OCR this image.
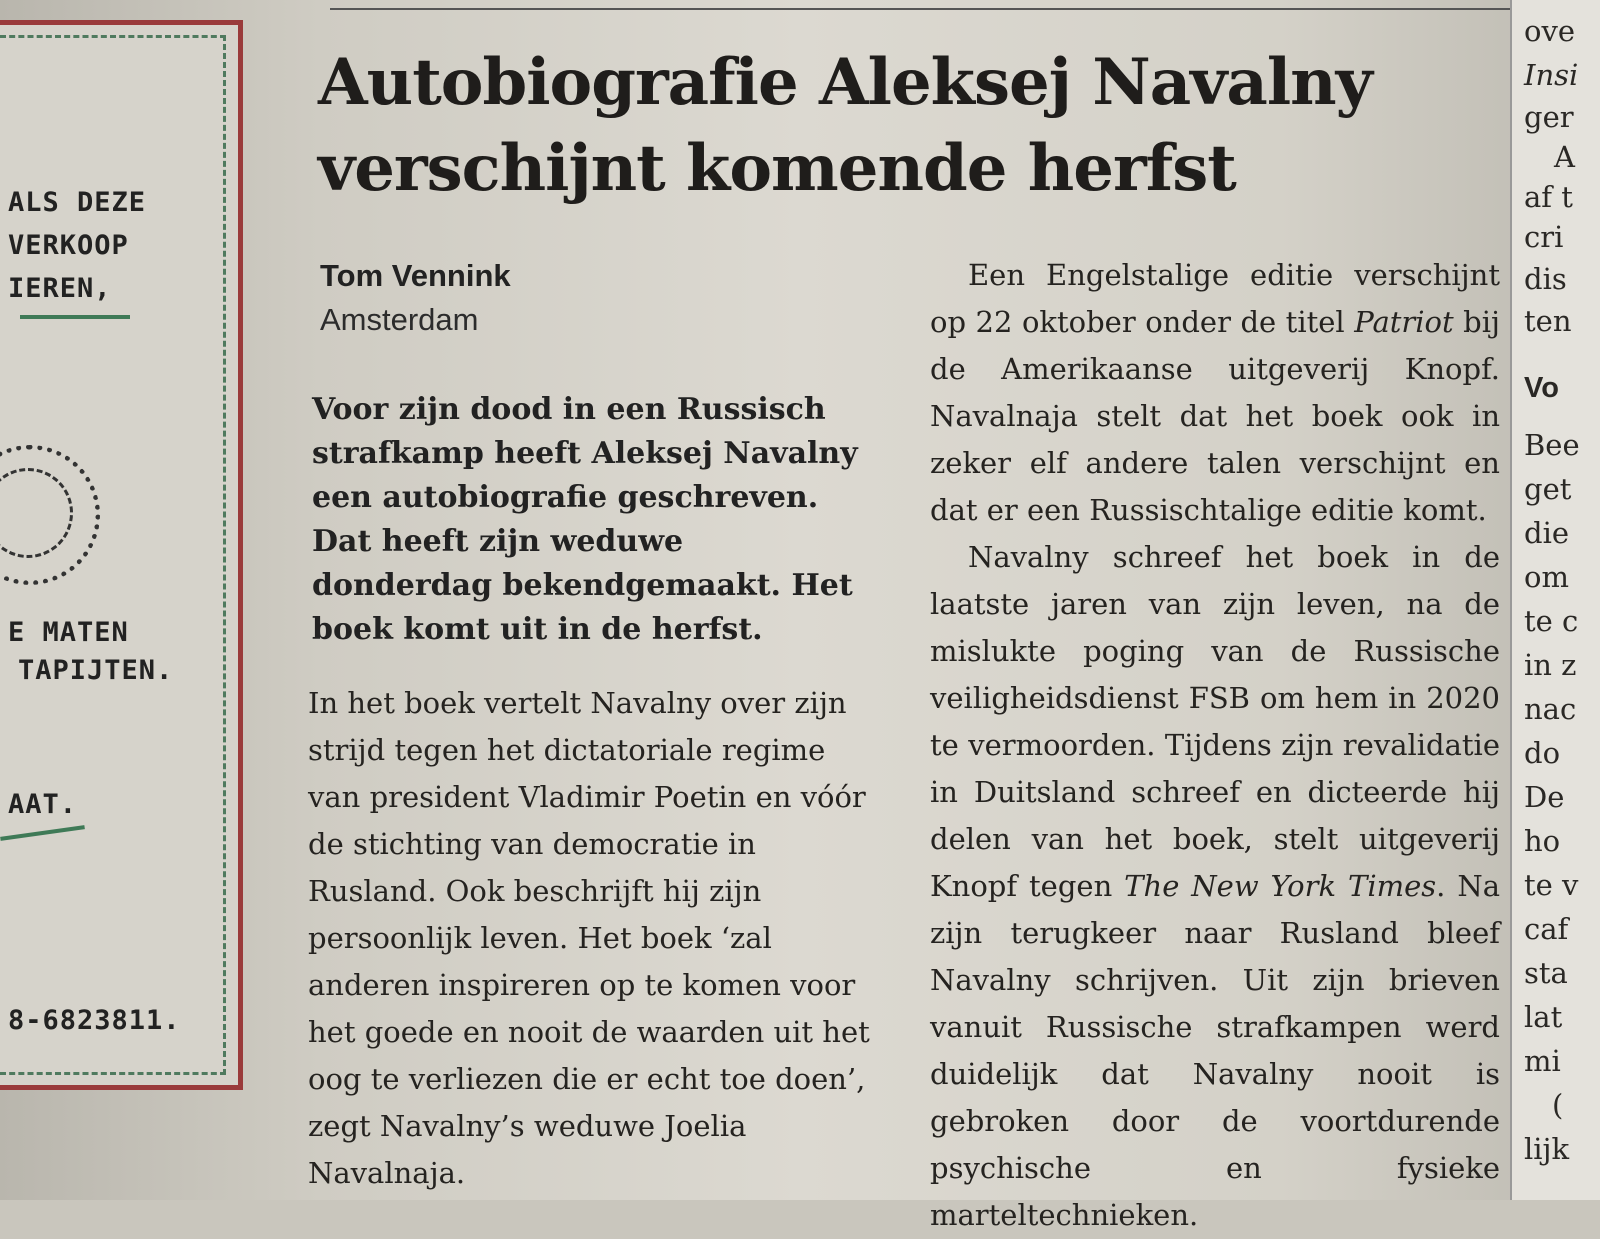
ALS DEZE
VERKOOP
IEREN,
E MATEN
TAPIJTEN.
AAT.
8-6823811.
Autobiografie Aleksej Navalny verschijnt komende herfst

Tom Vennink

Amsterdam

Voor zijn dood in een Russisch strafkamp heeft Aleksej Navalny een autobiografie geschreven. Dat heeft zijn weduwe donderdag bekendgemaakt. Het boek komt uit in de herfst.

In het boek vertelt Navalny over zijn strijd tegen het dictatoriale regime van president Vladimir Poetin en vóór de stichting van democratie in Rusland. Ook beschrijft hij zijn persoonlijk leven. Het boek ‘zal anderen inspireren op te komen voor het goede en nooit de waarden uit het oog te verliezen die er echt toe doen’, zegt Navalny’s weduwe Joelia Navalnaja.

Een Engelstalige editie verschijnt op 22 oktober onder de titel Patriot bij de Amerikaanse uitgeverij Knopf. Navalnaja stelt dat het boek ook in zeker elf andere talen verschijnt en dat er een Russischtalige editie komt.

Navalny schreef het boek in de laatste jaren van zijn leven, na de mislukte poging van de Russische veiligheidsdienst FSB om hem in 2020 te vermoorden. Tijdens zijn revalidatie in Duitsland schreef en dicteerde hij delen van het boek, stelt uitgeverij Knopf tegen The New York Times. Na zijn terugkeer naar Rusland bleef Navalny schrijven. Uit zijn brieven vanuit Russische strafkampen werd duidelijk dat Navalny nooit is gebroken door de voortdurende psychische en fysieke marteltechnieken.

ove
Insi
ger
A
af t
cri
dis
ten
Vo
Bee
get
die
om
te c
in z
nac
do
De
ho
te v
caf
sta
lat
mi
(
lijk
